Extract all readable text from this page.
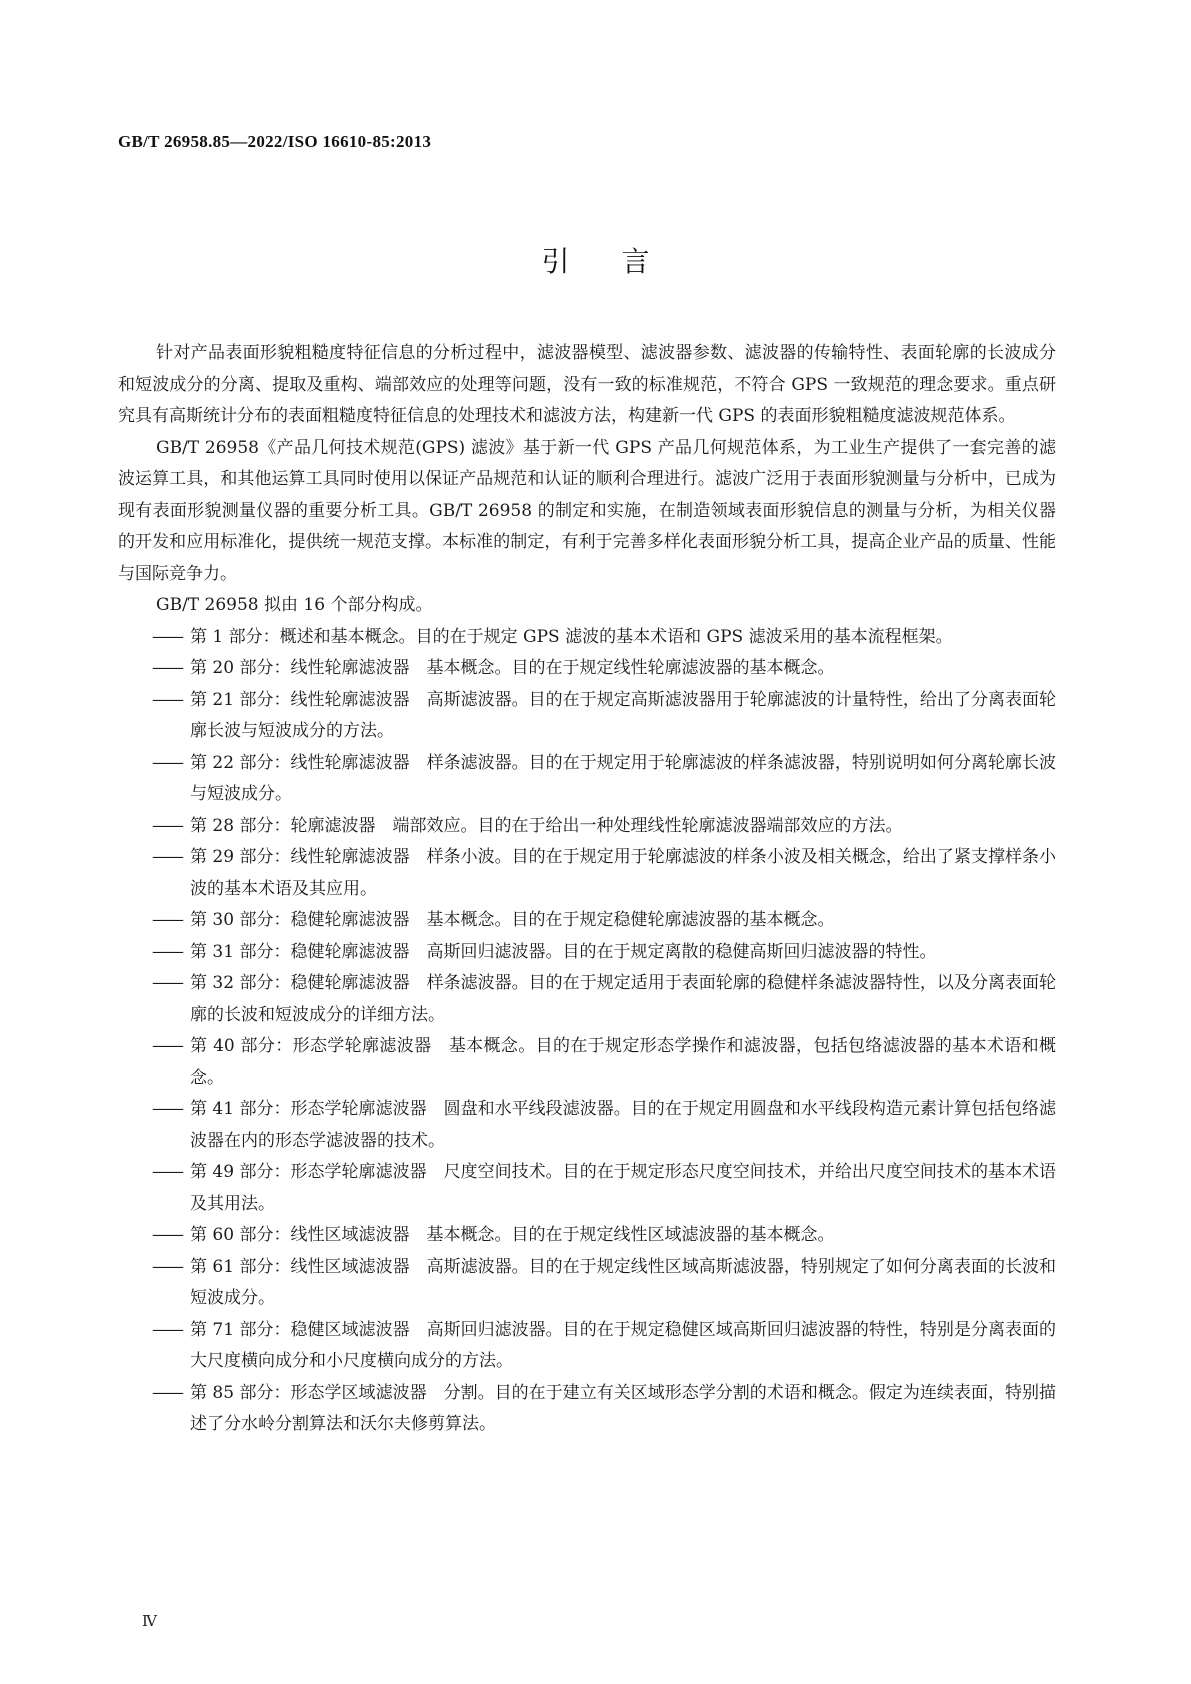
GB/T 26958.85—2022/ISO 16610-85:2013
引言

针对产品表面形貌粗糙度特征信息的分析过程中，滤波器模型、滤波器参数、滤波器的传输特性、表面轮廓的长波成分和短波成分的分离、提取及重构、端部效应的处理等问题，没有一致的标准规范，不符合 GPS 一致规范的理念要求。重点研究具有高斯统计分布的表面粗糙度特征信息的处理技术和滤波方法，构建新一代 GPS 的表面形貌粗糙度滤波规范体系。

GB/T 26958《产品几何技术规范(GPS) 滤波》基于新一代 GPS 产品几何规范体系，为工业生产提供了一套完善的滤波运算工具，和其他运算工具同时使用以保证产品规范和认证的顺利合理进行。滤波广泛用于表面形貌测量与分析中，已成为现有表面形貌测量仪器的重要分析工具。GB/T 26958 的制定和实施，在制造领域表面形貌信息的测量与分析，为相关仪器的开发和应用标准化，提供统一规范支撑。本标准的制定，有利于完善多样化表面形貌分析工具，提高企业产品的质量、性能与国际竞争力。

GB/T 26958 拟由 16 个部分构成。

—— 第 1 部分：概述和基本概念。目的在于规定 GPS 滤波的基本术语和 GPS 滤波采用的基本流程框架。
—— 第 20 部分：线性轮廓滤波器　基本概念。目的在于规定线性轮廓滤波器的基本概念。
—— 第 21 部分：线性轮廓滤波器　高斯滤波器。目的在于规定高斯滤波器用于轮廓滤波的计量特性，给出了分离表面轮廓长波与短波成分的方法。
—— 第 22 部分：线性轮廓滤波器　样条滤波器。目的在于规定用于轮廓滤波的样条滤波器，特别说明如何分离轮廓长波与短波成分。
—— 第 28 部分：轮廓滤波器　端部效应。目的在于给出一种处理线性轮廓滤波器端部效应的方法。
—— 第 29 部分：线性轮廓滤波器　样条小波。目的在于规定用于轮廓滤波的样条小波及相关概念，给出了紧支撑样条小波的基本术语及其应用。
—— 第 30 部分：稳健轮廓滤波器　基本概念。目的在于规定稳健轮廓滤波器的基本概念。
—— 第 31 部分：稳健轮廓滤波器　高斯回归滤波器。目的在于规定离散的稳健高斯回归滤波器的特性。
—— 第 32 部分：稳健轮廓滤波器　样条滤波器。目的在于规定适用于表面轮廓的稳健样条滤波器特性，以及分离表面轮廓的长波和短波成分的详细方法。
—— 第 40 部分：形态学轮廓滤波器　基本概念。目的在于规定形态学操作和滤波器，包括包络滤波器的基本术语和概念。
—— 第 41 部分：形态学轮廓滤波器　圆盘和水平线段滤波器。目的在于规定用圆盘和水平线段构造元素计算包括包络滤波器在内的形态学滤波器的技术。
—— 第 49 部分：形态学轮廓滤波器　尺度空间技术。目的在于规定形态尺度空间技术，并给出尺度空间技术的基本术语及其用法。
—— 第 60 部分：线性区域滤波器　基本概念。目的在于规定线性区域滤波器的基本概念。
—— 第 61 部分：线性区域滤波器　高斯滤波器。目的在于规定线性区域高斯滤波器，特别规定了如何分离表面的长波和短波成分。
—— 第 71 部分：稳健区域滤波器　高斯回归滤波器。目的在于规定稳健区域高斯回归滤波器的特性，特别是分离表面的大尺度横向成分和小尺度横向成分的方法。
—— 第 85 部分：形态学区域滤波器　分割。目的在于建立有关区域形态学分割的术语和概念。假定为连续表面，特别描述了分水岭分割算法和沃尔夫修剪算法。
Ⅳ
